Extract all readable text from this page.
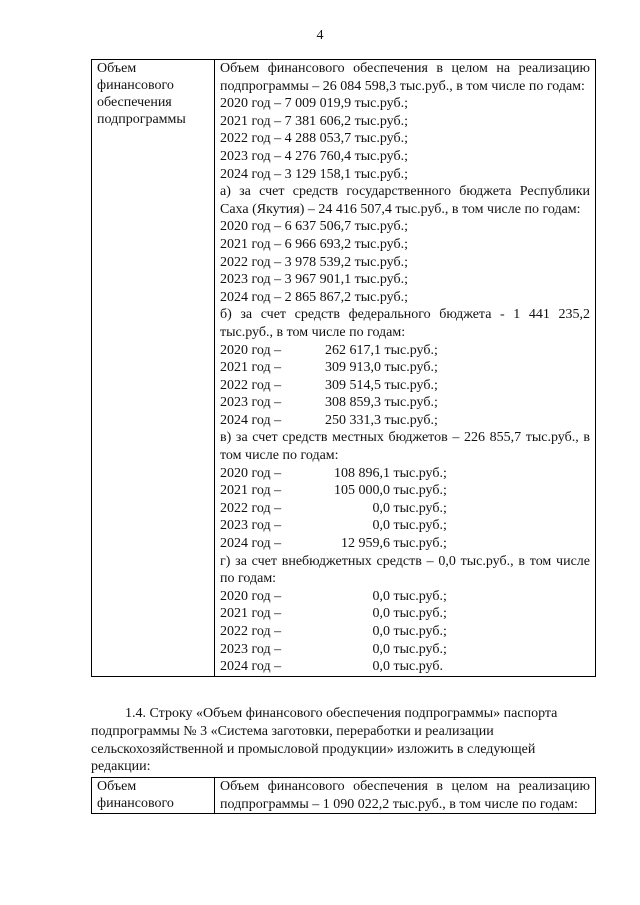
4
Объем
финансового
обеспечения
подпрограммы

Объем финансового обеспечения в целом на реализацию подпрограммы – 26 084 598,3 тыс.руб., в том числе по годам:
2020 год – 7 009 019,9 тыс.руб.;
2021 год – 7 381 606,2 тыс.руб.;
2022 год – 4 288 053,7 тыс.руб.;
2023 год – 4 276 760,4 тыс.руб.;
2024 год – 3 129 158,1 тыс.руб.;
а) за счет средств государственного бюджета Республики Саха (Якутия) – 24 416 507,4 тыс.руб., в том числе по годам:
2020 год – 6 637 506,7 тыс.руб.;
2021 год – 6 966 693,2 тыс.руб.;
2022 год – 3 978 539,2 тыс.руб.;
2023 год – 3 967 901,1 тыс.руб.;
2024 год – 2 865 867,2 тыс.руб.;
б) за счет средств федерального бюджета - 1 441 235,2 тыс.руб., в том числе по годам:
2020 год –	262 617,1 тыс.руб.;
2021 год –	309 913,0 тыс.руб.;
2022 год –	309 514,5 тыс.руб.;
2023 год –	308 859,3 тыс.руб.;
2024 год –	250 331,3 тыс.руб.;
в) за счет средств местных бюджетов – 226 855,7 тыс.руб., в том числе по годам:
2020 год –	108 896,1 тыс.руб.;
2021 год –	105 000,0 тыс.руб.;
2022 год –	0,0 тыс.руб.;
2023 год –	0,0 тыс.руб.;
2024 год –	12 959,6 тыс.руб.;
г) за счет внебюджетных средств – 0,0 тыс.руб., в том числе по годам:
2020 год –	0,0 тыс.руб.;
2021 год –	0,0 тыс.руб.;
2022 год –	0,0 тыс.руб.;
2023 год –	0,0 тыс.руб.;
2024 год –	0,0 тыс.руб.
1.4. Строку «Объем финансового обеспечения подпрограммы» паспорта
подпрограммы № 3 «Система заготовки, переработки и реализации
сельскохозяйственной и промысловой продукции» изложить в следующей
редакции:
Объем
финансового

Объем финансового обеспечения в целом на реализацию подпрограммы – 1 090 022,2 тыс.руб., в том числе по годам:
